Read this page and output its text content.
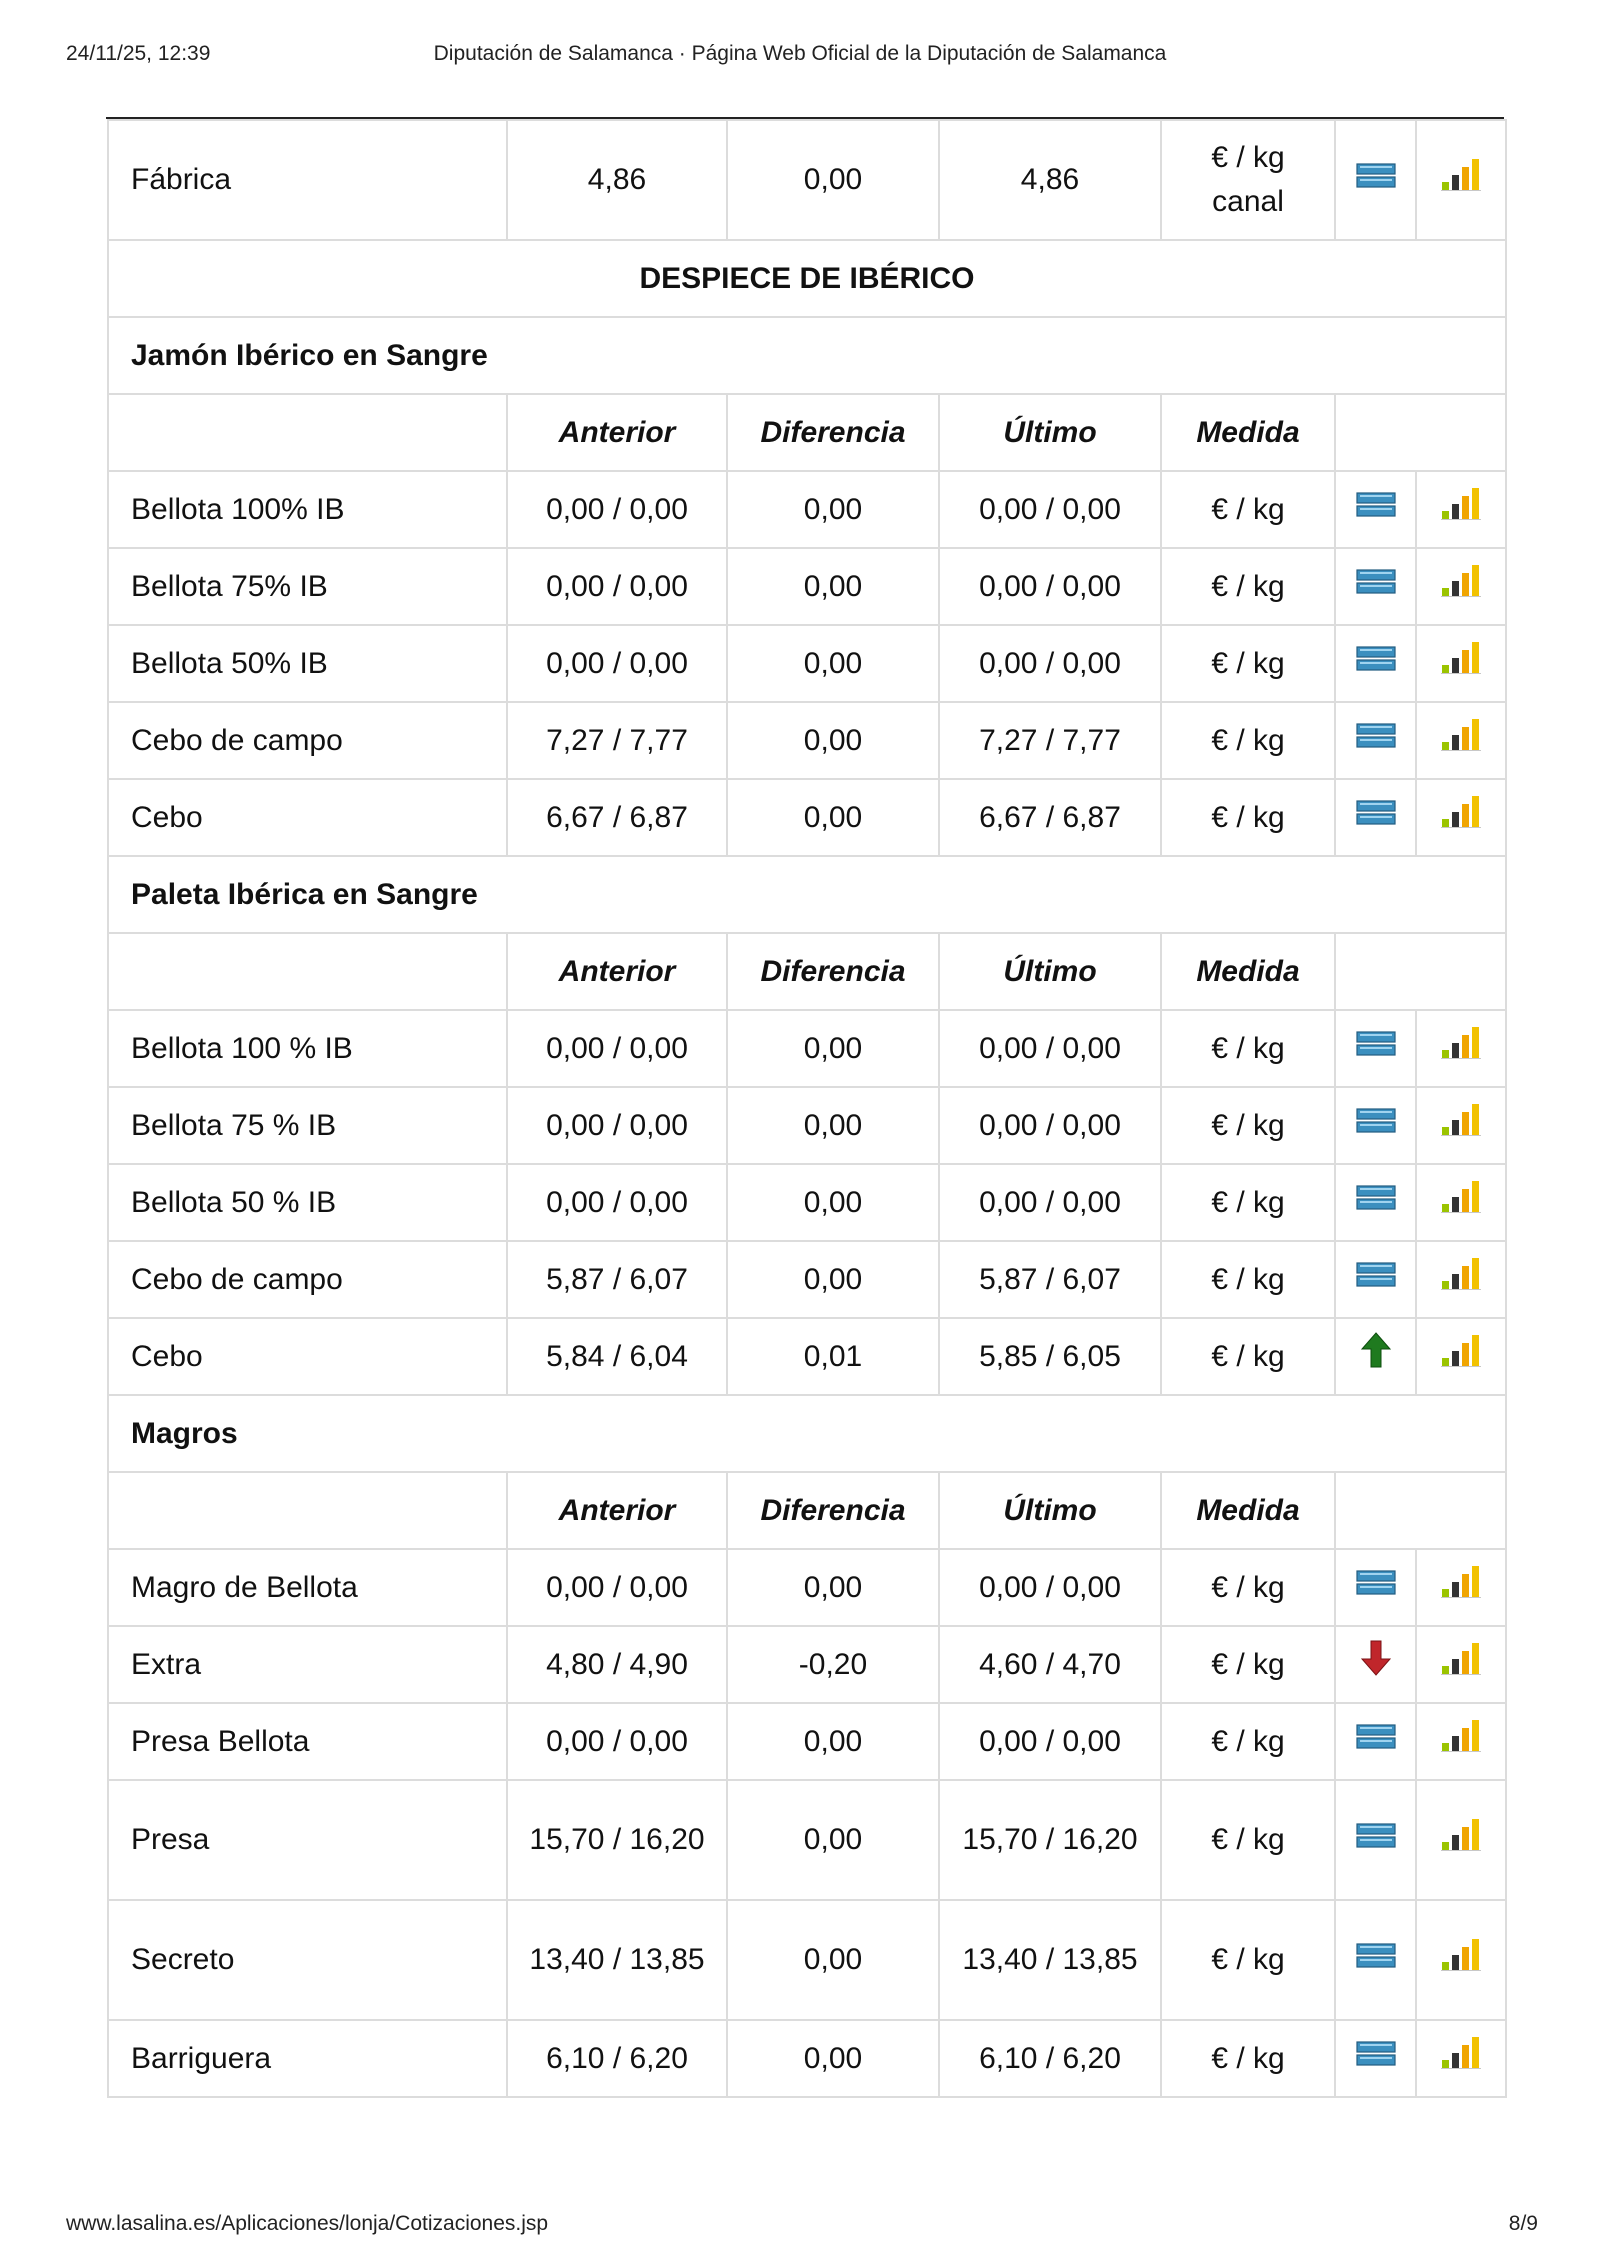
24/11/25, 12:39	Diputación de Salamanca · Página Web Oficial de la Diputación de Salamanca
Fábrica	4,86	0,00	4,86	€ / kg
canal		
DESPIECE DE IBÉRICO						
Jamón Ibérico en Sangre						
	Anterior	Diferencia	Último	Medida		
Bellota 100% IB	0,00 / 0,00	0,00	0,00 / 0,00	€ / kg		
Bellota 75% IB	0,00 / 0,00	0,00	0,00 / 0,00	€ / kg		
Bellota 50% IB	0,00 / 0,00	0,00	0,00 / 0,00	€ / kg		
Cebo de campo	7,27 / 7,77	0,00	7,27 / 7,77	€ / kg		
Cebo	6,67 / 6,87	0,00	6,67 / 6,87	€ / kg		
Paleta Ibérica en Sangre						
	Anterior	Diferencia	Último	Medida		
Bellota 100 % IB	0,00 / 0,00	0,00	0,00 / 0,00	€ / kg		
Bellota 75 % IB	0,00 / 0,00	0,00	0,00 / 0,00	€ / kg		
Bellota 50 % IB	0,00 / 0,00	0,00	0,00 / 0,00	€ / kg		
Cebo de campo	5,87 / 6,07	0,00	5,87 / 6,07	€ / kg		
Cebo	5,84 / 6,04	0,01	5,85 / 6,05	€ / kg		
Magros						
	Anterior	Diferencia	Último	Medida		
Magro de Bellota	0,00 / 0,00	0,00	0,00 / 0,00	€ / kg		
Extra	4,80 / 4,90	-0,20	4,60 / 4,70	€ / kg		
Presa Bellota	0,00 / 0,00	0,00	0,00 / 0,00	€ / kg		
Presa	15,70 / 16,20	0,00	15,70 / 16,20	€ / kg		
Secreto	13,40 / 13,85	0,00	13,40 / 13,85	€ / kg		
Barriguera	6,10 / 6,20	0,00	6,10 / 6,20	€ / kg		
www.lasalina.es/Aplicaciones/lonja/Cotizaciones.jsp	8/9
